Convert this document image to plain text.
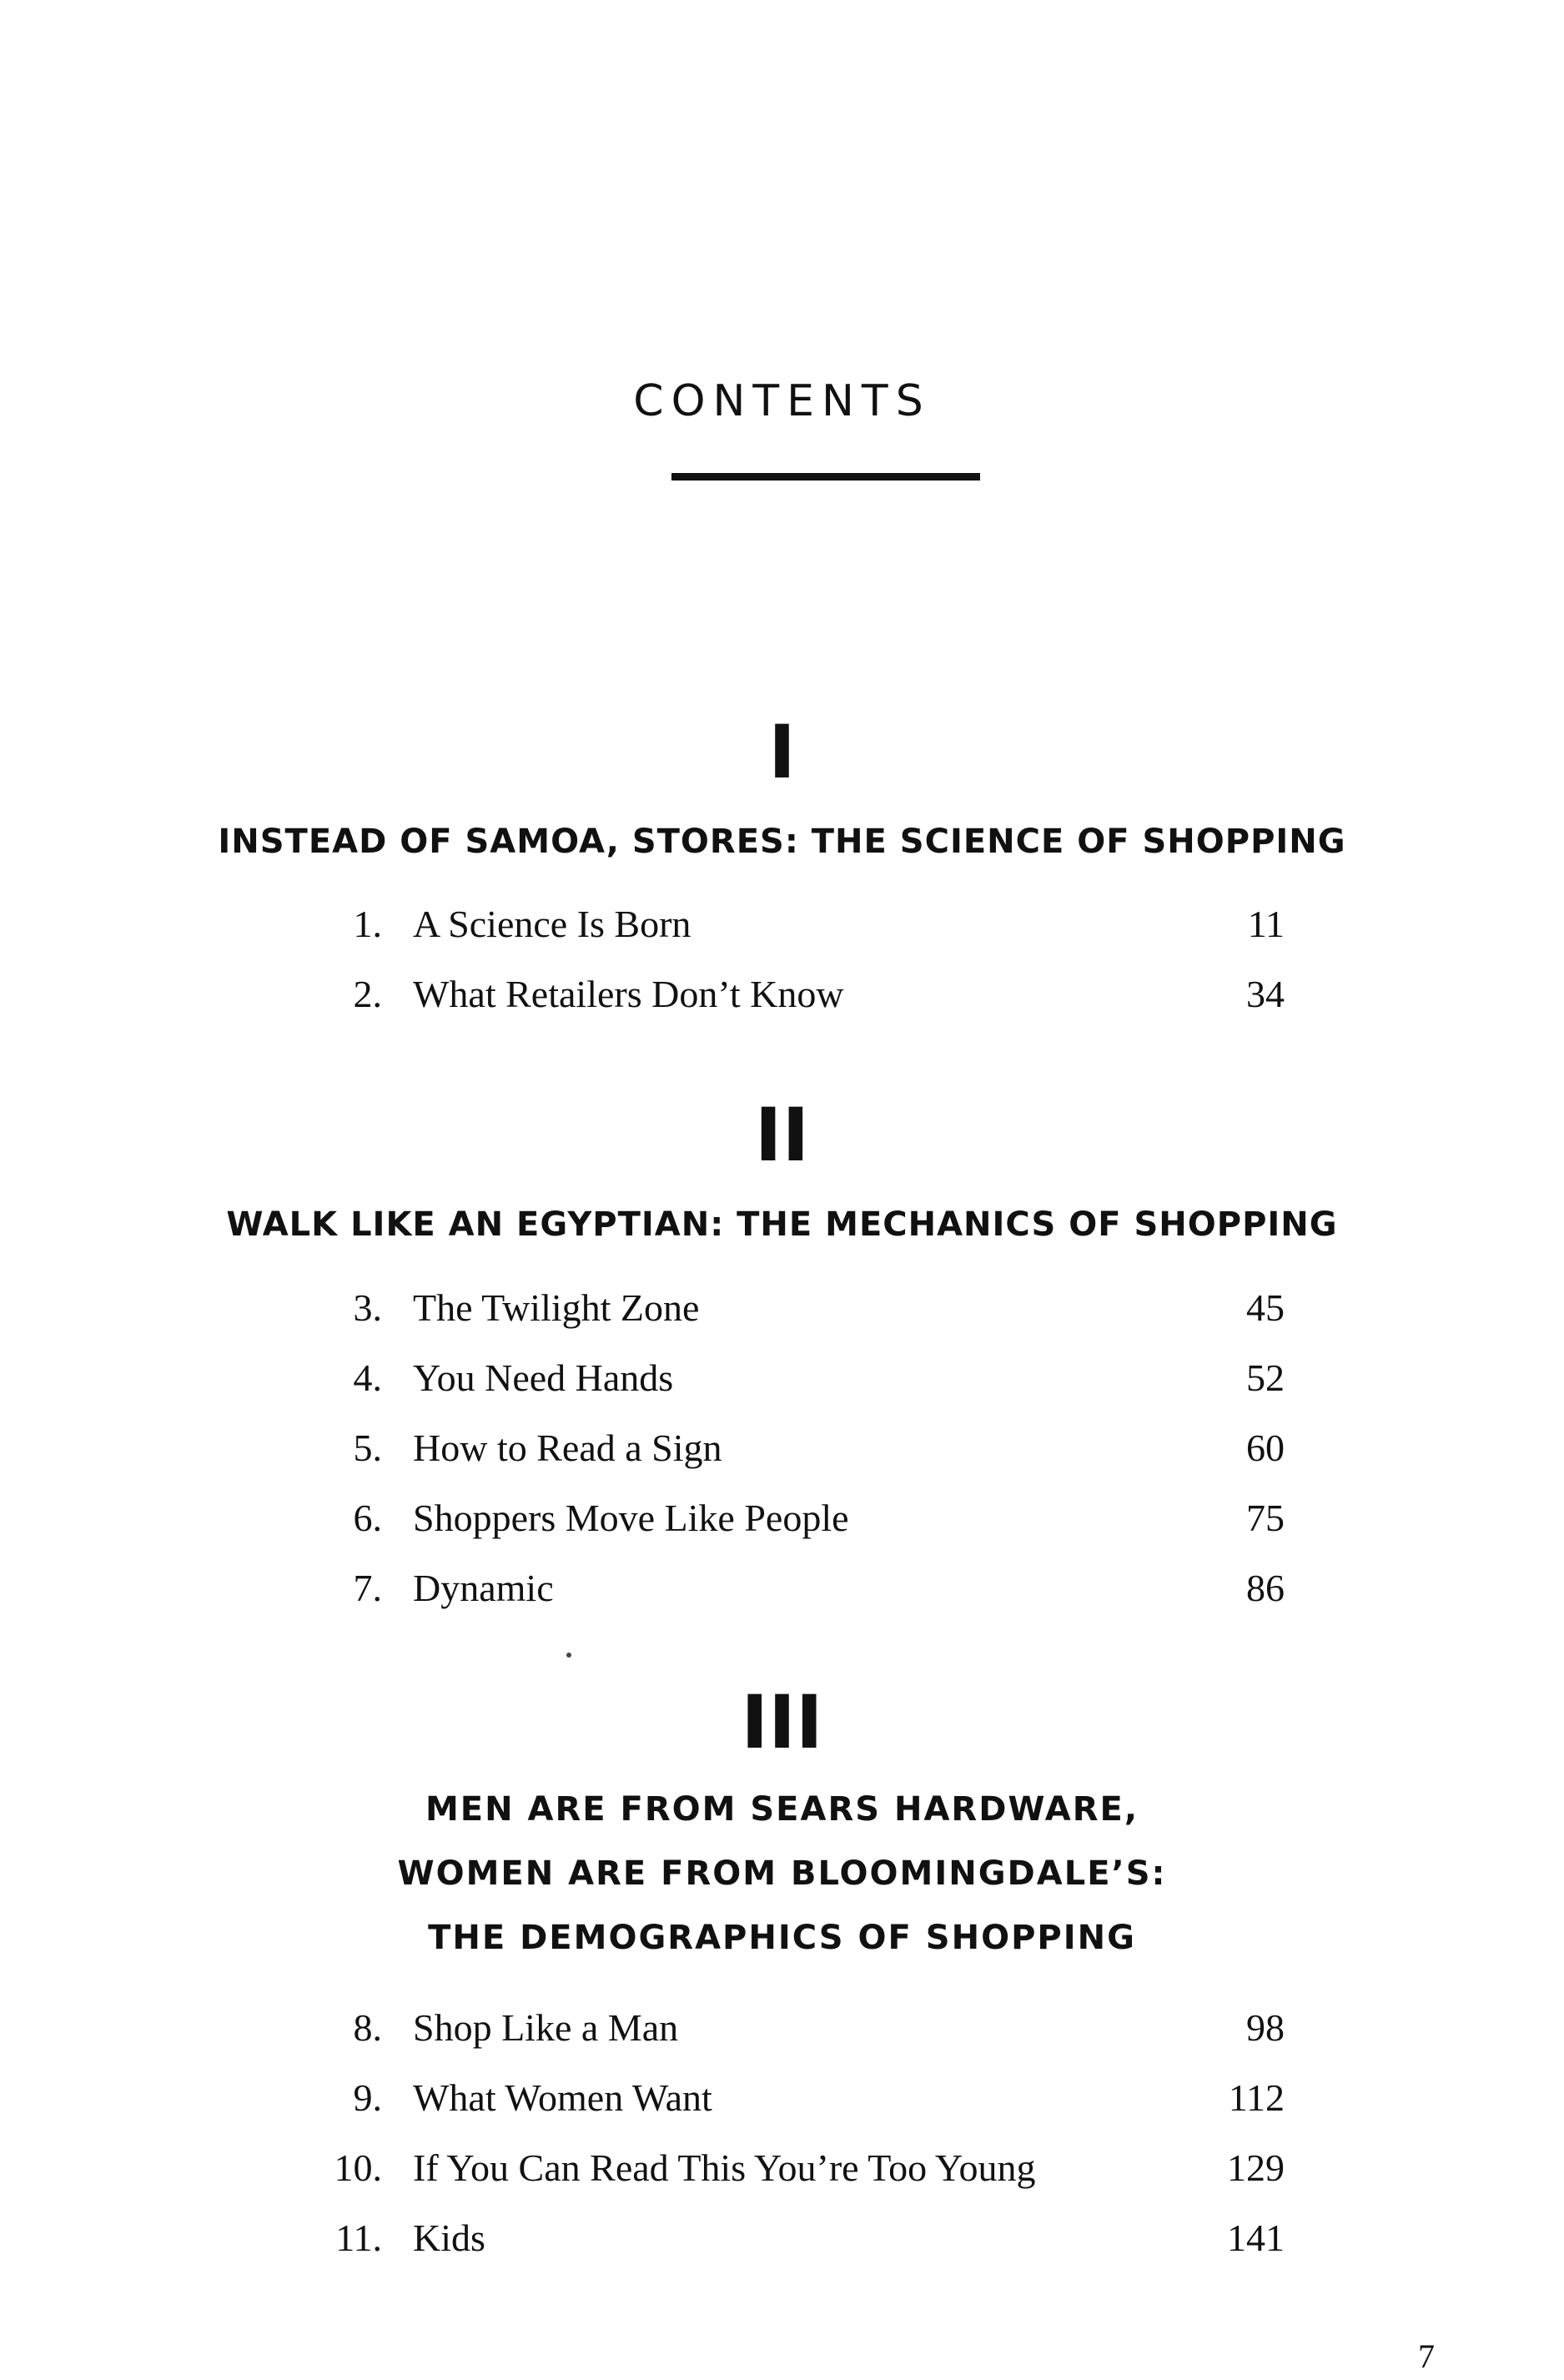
CONTENTS
I
INSTEAD OF SAMOA, STORES: THE SCIENCE OF SHOPPING
1. A Science Is Born	11
2. What Retailers Don’t Know	34
II
WALK LIKE AN EGYPTIAN: THE MECHANICS OF SHOPPING
3. The Twilight Zone	45
4. You Need Hands	52
5. How to Read a Sign	60
6. Shoppers Move Like People	75
7. Dynamic	86
III
MEN ARE FROM SEARS HARDWARE,
WOMEN ARE FROM BLOOMINGDALE’S:
THE DEMOGRAPHICS OF SHOPPING
8. Shop Like a Man	98
9. What Women Want	112
10. If You Can Read This You’re Too Young	129
11. Kids	141
7
